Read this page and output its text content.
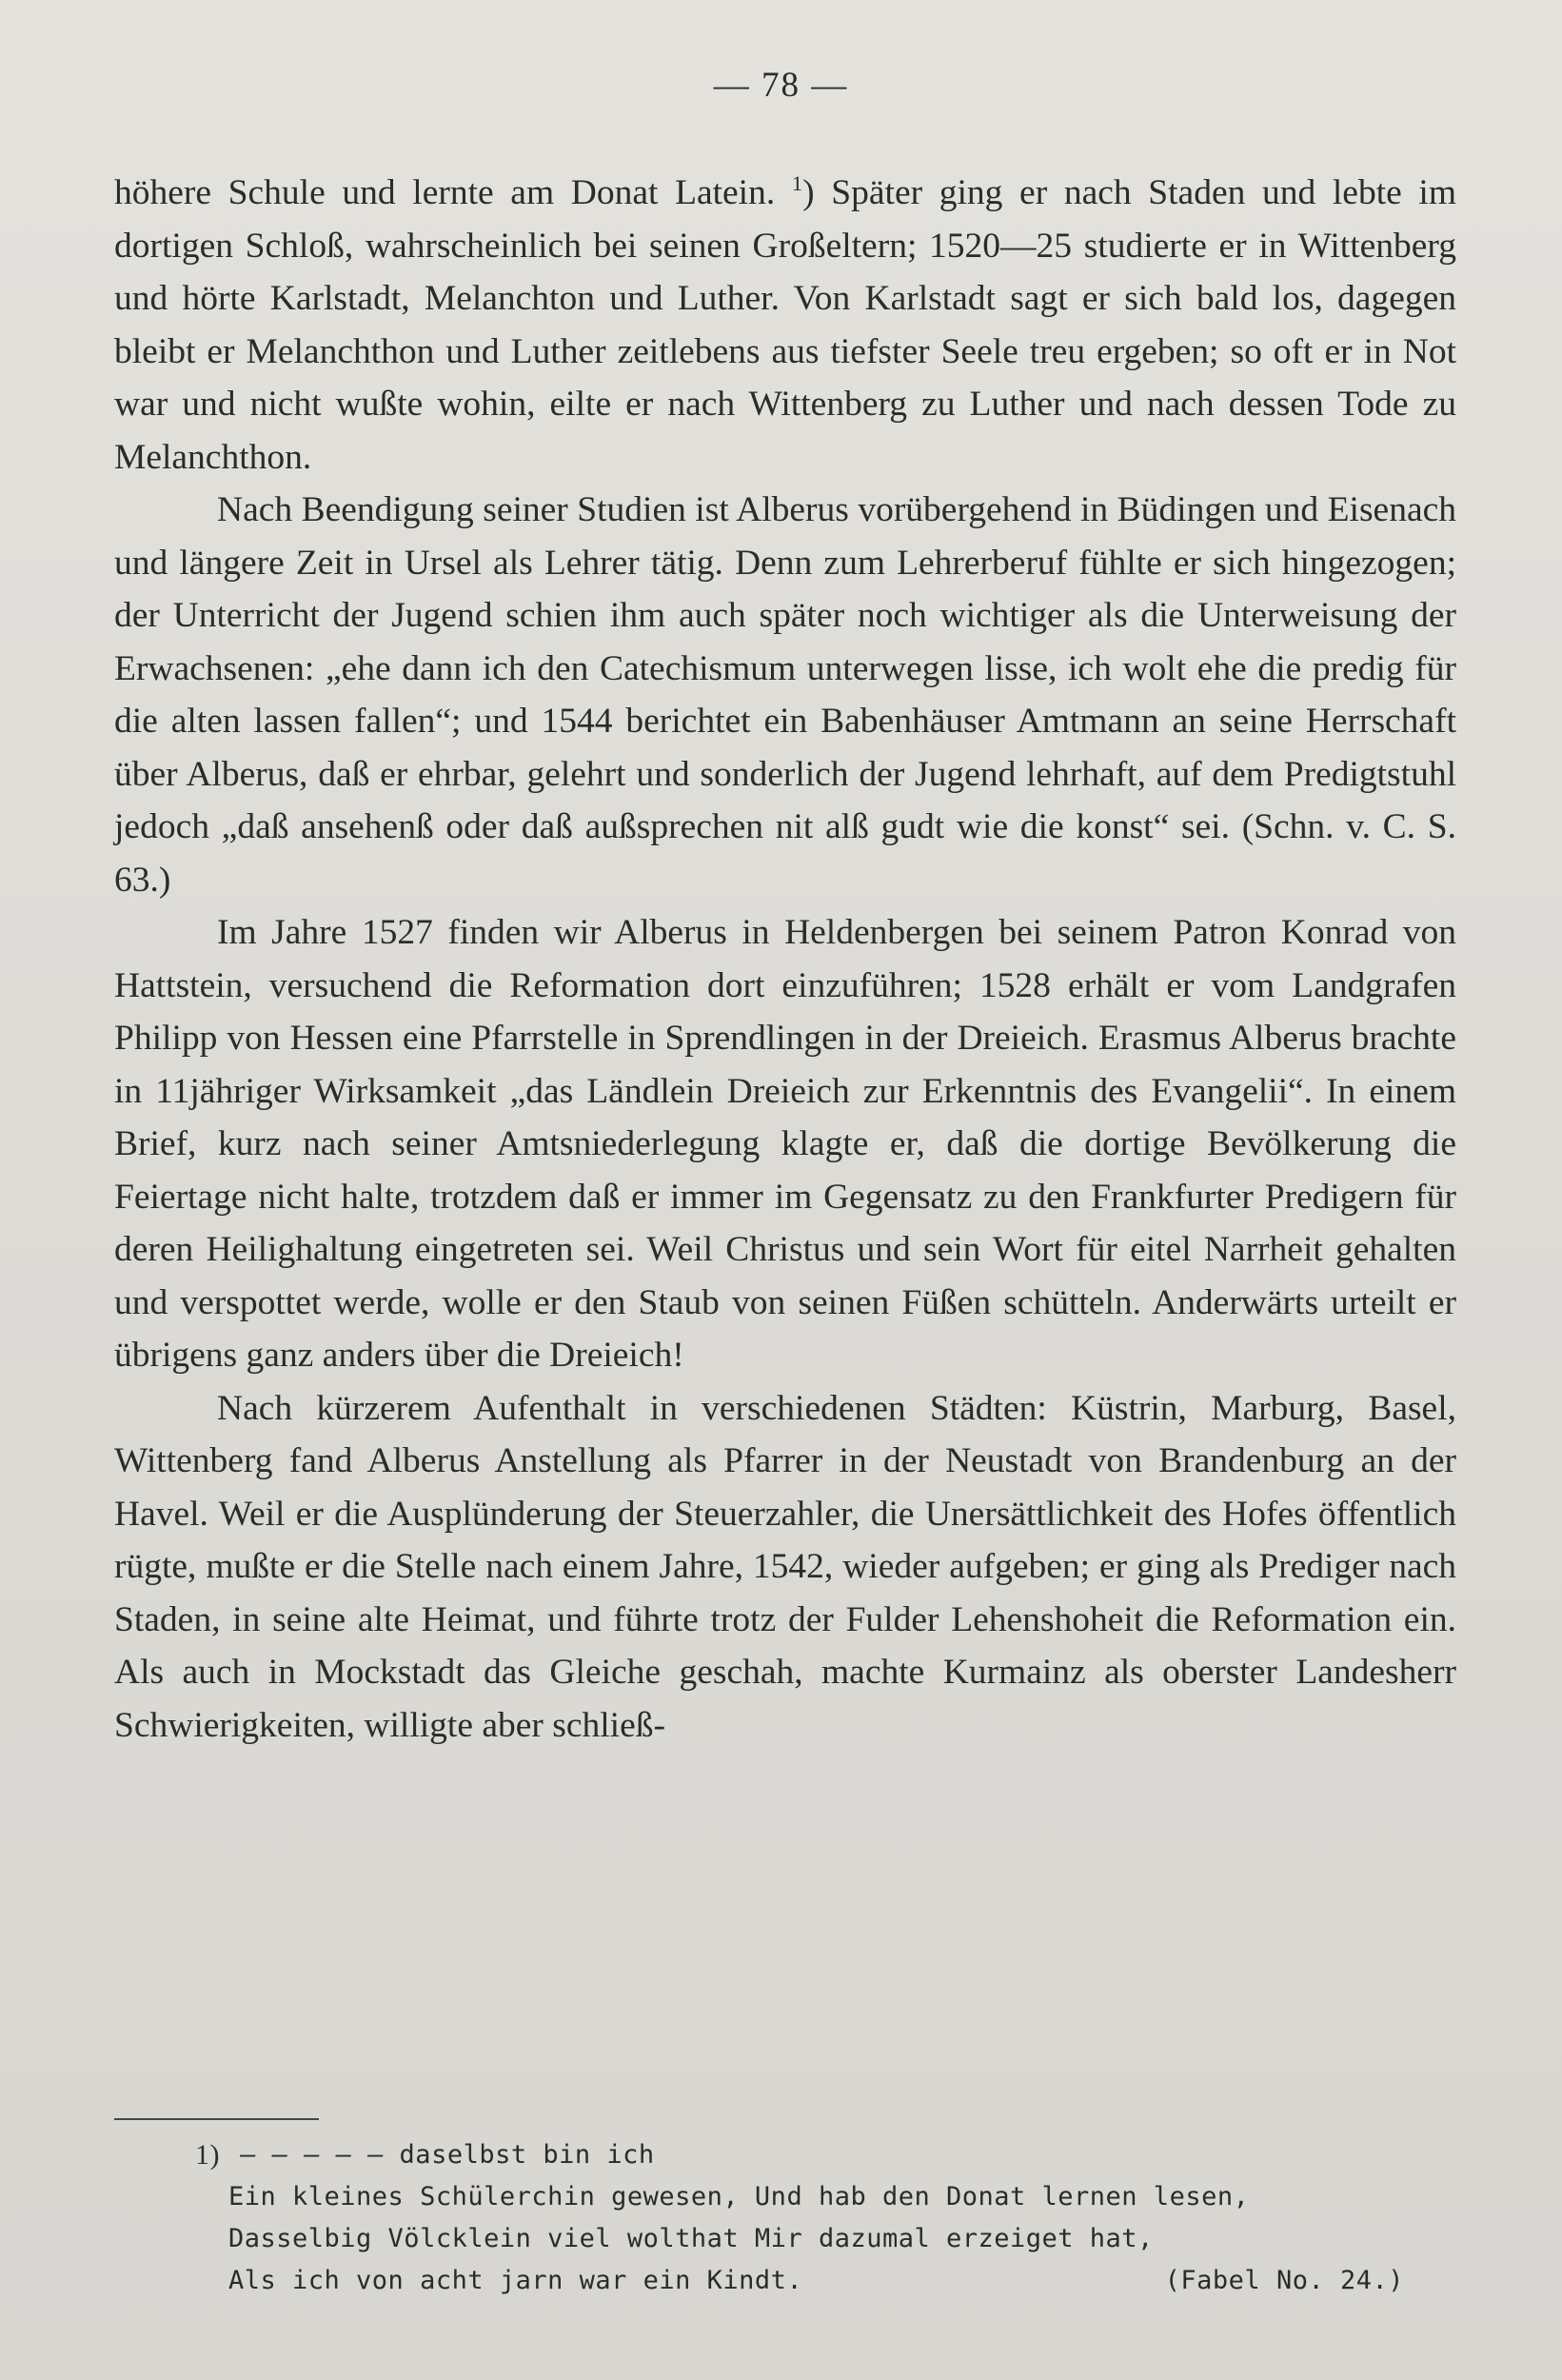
— 78 —

höhere Schule und lernte am Donat Latein. $^1$) Später ging er nach Staden und lebte im dortigen Schloß, wahrscheinlich bei seinen Großeltern; 1520—25 studierte er in Wittenberg und hörte Karlstadt, Melanchton und Luther. Von Karlstadt sagt er sich bald los, dagegen bleibt er Melanchthon und Luther zeitlebens aus tiefster Seele treu ergeben; so oft er in Not war und nicht wußte wohin, eilte er nach Wittenberg zu Luther und nach dessen Tode zu Melanchthon.

Nach Beendigung seiner Studien ist Alberus vorübergehend in Büdingen und Eisenach und längere Zeit in Ursel als Lehrer tätig. Denn zum Lehrerberuf fühlte er sich hingezogen; der Unterricht der Jugend schien ihm auch später noch wichtiger als die Unterweisung der Erwachsenen: „ehe dann ich den Catechismum unterwegen lisse, ich wolt ehe die predig für die alten lassen fallen“; und 1544 berichtet ein Babenhäuser Amtmann an seine Herrschaft über Alberus, daß er ehrbar, gelehrt und sonderlich der Jugend lehrhaft, auf dem Predigtstuhl jedoch „daß ansehenß oder daß außsprechen nit alß gudt wie die konst“ sei. (Schn. v. C. S. 63.)

Im Jahre 1527 finden wir Alberus in Heldenbergen bei seinem Patron Konrad von Hattstein, versuchend die Reformation dort einzuführen; 1528 erhält er vom Landgrafen Philipp von Hessen eine Pfarrstelle in Sprendlingen in der Dreieich. Erasmus Alberus brachte in 11jähriger Wirksamkeit „das Ländlein Dreieich zur Erkenntnis des Evangelii“. In einem Brief, kurz nach seiner Amtsniederlegung klagte er, daß die dortige Bevölkerung die Feiertage nicht halte, trotzdem daß er immer im Gegensatz zu den Frankfurter Predigern für deren Heilighaltung eingetreten sei. Weil Christus und sein Wort für eitel Narrheit gehalten und verspottet werde, wolle er den Staub von seinen Füßen schütteln. Anderwärts urteilt er übrigens ganz anders über die Dreieich!

Nach kürzerem Aufenthalt in verschiedenen Städten: Küstrin, Marburg, Basel, Wittenberg fand Alberus Anstellung als Pfarrer in der Neustadt von Brandenburg an der Havel. Weil er die Ausplünderung der Steuerzahler, die Unersättlichkeit des Hofes öffentlich rügte, mußte er die Stelle nach einem Jahre, 1542, wieder aufgeben; er ging als Prediger nach Staden, in seine alte Heimat, und führte trotz der Fulder Lehenshoheit die Reformation ein. Als auch in Mockstadt das Gleiche geschah, machte Kurmainz als oberster Landesherr Schwierigkeiten, willigte aber schließ-

1) — — — — — daselbst bin ich
Ein kleines Schülerchin gewesen, Und hab den Donat lernen lesen,
Dasselbig Völcklein viel wolthat Mir dazumal erzeiget hat,
Als ich von acht jarn war ein Kindt.	(Fabel No. 24.)
